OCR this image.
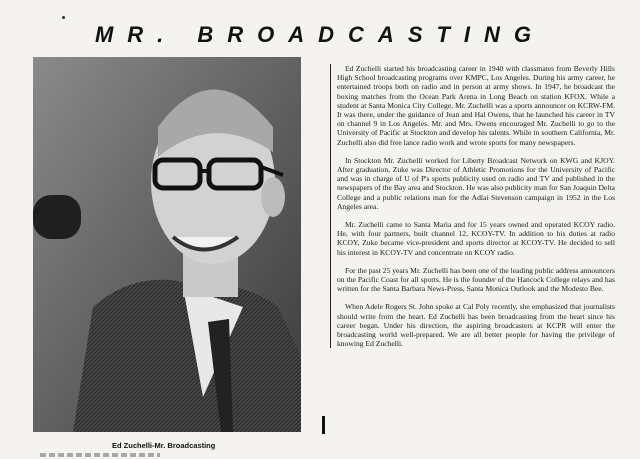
MR. BROADCASTING
Ed Zuchelli-Mr. Broadcasting

Ed Zuchelli started his broadcasting career in 1940 with classmates from Beverly Hills High School broadcasting programs over KMPC, Los Angeles. During his army career, he entertained troops both on radio and in person at army shows. In 1947, he broadcast the boxing matches from the Ocean Park Arena in Long Beach on station KFOX. While a student at Santa Monica City College, Mr. Zuchelli was a sports announcer on KCRW-FM. It was there, under the guidance of Jean and Hal Owens, that he launched his career in TV on channel 9 in Los Angeles. Mr. and Mrs. Owens encouraged Mr. Zuchelli to go to the University of Pacific at Stockton and develop his talents. While in southern California, Mr. Zuchelli also did free lance radio work and wrote sports for many newspapers.

In Stockton Mr. Zuchelli worked for Liberty Broadcast Network on KWG and KJOY. After graduation, Zuke was Director of Athletic Promotions for the University of Pacific and was in charge of U of P's sports publicity used on radio and TV and published in the newspapers of the Bay area and Stockton. He was also publicity man for San Joaquin Delta College and a public relations man for the Adlai Stevenson campaign in 1952 in the Los Angeles area.

Mr. Zuchelli came to Santa Maria and for 15 years owned and operated KCOY radio. He, with four partners, built channel 12, KCOY-TV. In addition to his duties at radio KCOY, Zuke became vice-president and sports director at KCOY-TV. He decided to sell his interest in KCOY-TV and concentrate on KCOY radio.

For the past 25 years Mr. Zuchelli has been one of the leading public address announcers on the Pacific Coast for all sports. He is the founder of the Hancock College relays and has written for the Santa Barbara News-Press, Santa Monica Outlook and the Modesto Bee.

When Adele Rogers St. John spoke at Cal Poly recently, she emphasized that journalists should write from the heart. Ed Zuchelli has been broadcasting from the heart since his career began. Under his direction, the aspiring broadcasters at KCPR will enter the broadcasting world well-prepared. We are all better people for having the privilege of knowing Ed Zuchelli.
